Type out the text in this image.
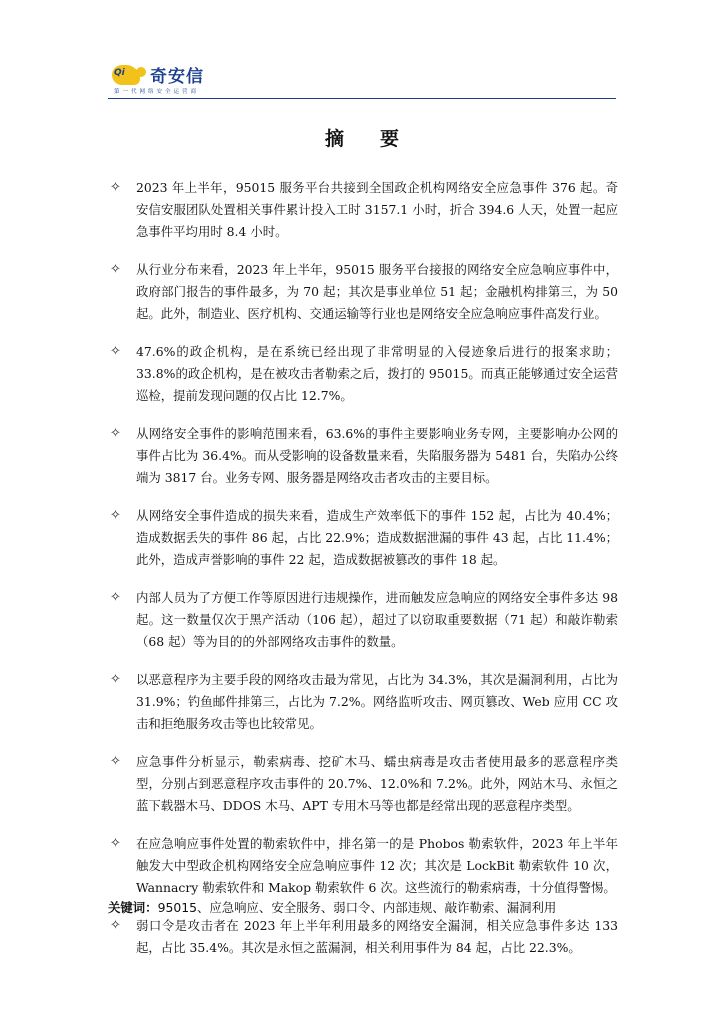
Qi 奇安信
第一代网络安全运营商
摘要
✧ 2023 年上半年，95015 服务平台共接到全国政企机构网络安全应急事件 376 起。奇安信安服团队处置相关事件累计投入工时 3157.1 小时，折合 394.6 人天，处置一起应急事件平均用时 8.4 小时。
✧ 从行业分布来看，2023 年上半年，95015 服务平台接报的网络安全应急响应事件中，政府部门报告的事件最多，为 70 起；其次是事业单位 51 起；金融机构排第三，为 50 起。此外，制造业、医疗机构、交通运输等行业也是网络安全应急响应事件高发行业。
✧ 47.6%的政企机构，是在系统已经出现了非常明显的入侵迹象后进行的报案求助；33.8%的政企机构，是在被攻击者勒索之后，拨打的 95015。而真正能够通过安全运营巡检，提前发现问题的仅占比 12.7%。
✧ 从网络安全事件的影响范围来看，63.6%的事件主要影响业务专网，主要影响办公网的事件占比为 36.4%。而从受影响的设备数量来看，失陷服务器为 5481 台，失陷办公终端为 3817 台。业务专网、服务器是网络攻击者攻击的主要目标。
✧ 从网络安全事件造成的损失来看，造成生产效率低下的事件 152 起，占比为 40.4%；造成数据丢失的事件 86 起，占比 22.9%；造成数据泄漏的事件 43 起，占比 11.4%；此外，造成声誉影响的事件 22 起，造成数据被篡改的事件 18 起。
✧ 内部人员为了方便工作等原因进行违规操作，进而触发应急响应的网络安全事件多达 98 起。这一数量仅次于黑产活动（106 起），超过了以窃取重要数据（71 起）和敲诈勒索（68 起）等为目的的外部网络攻击事件的数量。
✧ 以恶意程序为主要手段的网络攻击最为常见，占比为 34.3%，其次是漏洞利用，占比为 31.9%；钓鱼邮件排第三，占比为 7.2%。网络监听攻击、网页篡改、Web 应用 CC 攻击和拒绝服务攻击等也比较常见。
✧ 应急事件分析显示，勒索病毒、挖矿木马、蠕虫病毒是攻击者使用最多的恶意程序类型，分别占到恶意程序攻击事件的 20.7%、12.0%和 7.2%。此外，网站木马、永恒之蓝下载器木马、DDOS 木马、APT 专用木马等也都是经常出现的恶意程序类型。
✧ 在应急响应事件处置的勒索软件中，排名第一的是 Phobos 勒索软件，2023 年上半年触发大中型政企机构网络安全应急响应事件 12 次；其次是 LockBit 勒索软件 10 次，Wannacry 勒索软件和 Makop 勒索软件 6 次。这些流行的勒索病毒，十分值得警惕。
✧ 弱口令是攻击者在 2023 年上半年利用最多的网络安全漏洞，相关应急事件多达 133 起，占比 35.4%。其次是永恒之蓝漏洞，相关利用事件为 84 起，占比 22.3%。
关键词：95015、应急响应、安全服务、弱口令、内部违规、敲诈勒索、漏洞利用
